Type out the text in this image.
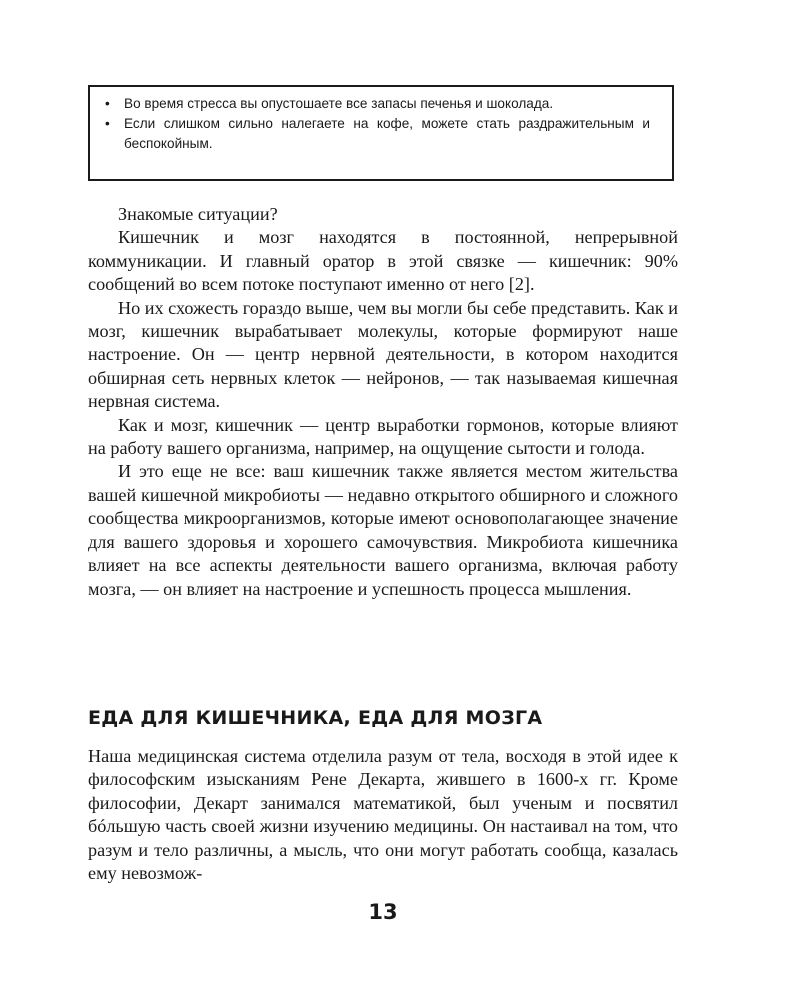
• Во время стресса вы опустошаете все запасы печенья и шоколада.
• Если слишком сильно налегаете на кофе, можете стать раздражительным и беспокойным.

Знакомые ситуации?

Кишечник и мозг находятся в постоянной, непрерывной коммуникации. И главный оратор в этой связке — кишечник: 90% сообщений во всем потоке поступают именно от него [2].

Но их схожесть гораздо выше, чем вы могли бы себе представить. Как и мозг, кишечник вырабатывает молекулы, которые формируют наше настроение. Он — центр нервной деятельности, в котором находится обширная сеть нервных клеток — нейронов, — так называемая кишечная нервная система.

Как и мозг, кишечник — центр выработки гормонов, которые влияют на работу вашего организма, например, на ощущение сытости и голода.

И это еще не все: ваш кишечник также является местом жительства вашей кишечной микробиоты — недавно открытого обширного и сложного сообщества микроорганизмов, которые имеют основополагающее значение для вашего здоровья и хорошего самочувствия. Микробиота кишечника влияет на все аспекты деятельности вашего организма, включая работу мозга, — он влияет на настроение и успешность процесса мышления.

ЕДА ДЛЯ КИШЕЧНИКА, ЕДА ДЛЯ МОЗГА

Наша медицинская система отделила разум от тела, восходя в этой идее к философским изысканиям Рене Декарта, жившего в 1600-х гг. Кроме философии, Декарт занимался математикой, был ученым и посвятил бóльшую часть своей жизни изучению медицины. Он настаивал на том, что разум и тело различны, а мысль, что они могут работать сообща, казалась ему невозмож-

13
